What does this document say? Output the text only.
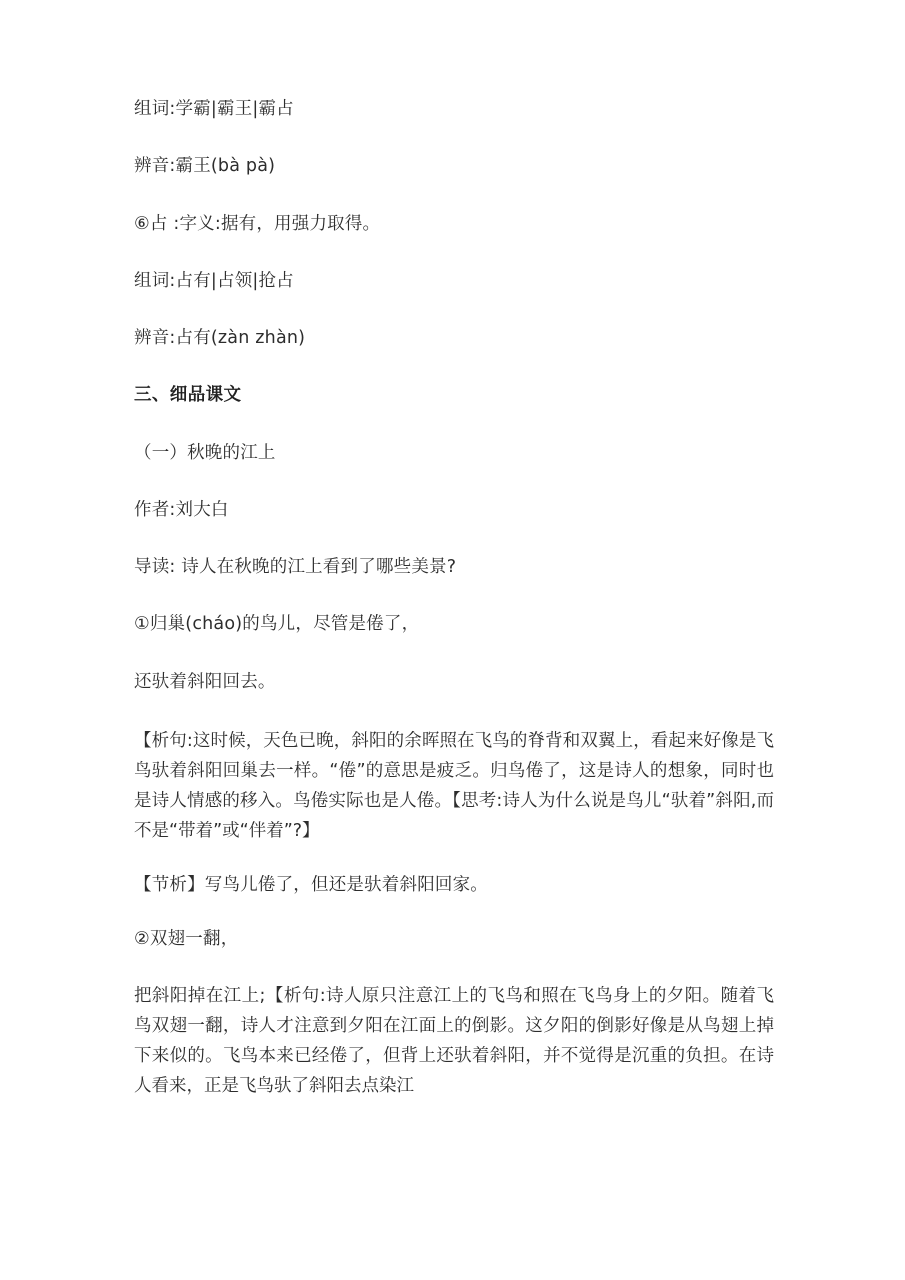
组词:学霸|霸王|霸占

辨音:霸王(bà pà)

⑥占 :字义:据有，用强力取得。

组词:占有|占领|抢占

辨音:占有(zàn zhàn)

三、细品课文

（一）秋晚的江上

作者:刘大白

导读: 诗人在秋晚的江上看到了哪些美景?

①归巢(cháo)的鸟儿，尽管是倦了，

还驮着斜阳回去。

【析句:这时候，天色已晚，斜阳的余晖照在飞鸟的脊背和双翼上，看起来好像是飞鸟驮着斜阳回巢去一样。“倦”的意思是疲乏。归鸟倦了，这是诗人的想象，同时也是诗人情感的移入。鸟倦实际也是人倦。【思考:诗人为什么说是鸟儿“驮着”斜阳,而不是“带着”或“伴着”?】

【节析】写鸟儿倦了，但还是驮着斜阳回家。

②双翅一翻，

把斜阳掉在江上;【析句:诗人原只注意江上的飞鸟和照在飞鸟身上的夕阳。随着飞鸟双翅一翻，诗人才注意到夕阳在江面上的倒影。这夕阳的倒影好像是从鸟翅上掉下来似的。飞鸟本来已经倦了，但背上还驮着斜阳，并不觉得是沉重的负担。在诗人看来，正是飞鸟驮了斜阳去点染江
